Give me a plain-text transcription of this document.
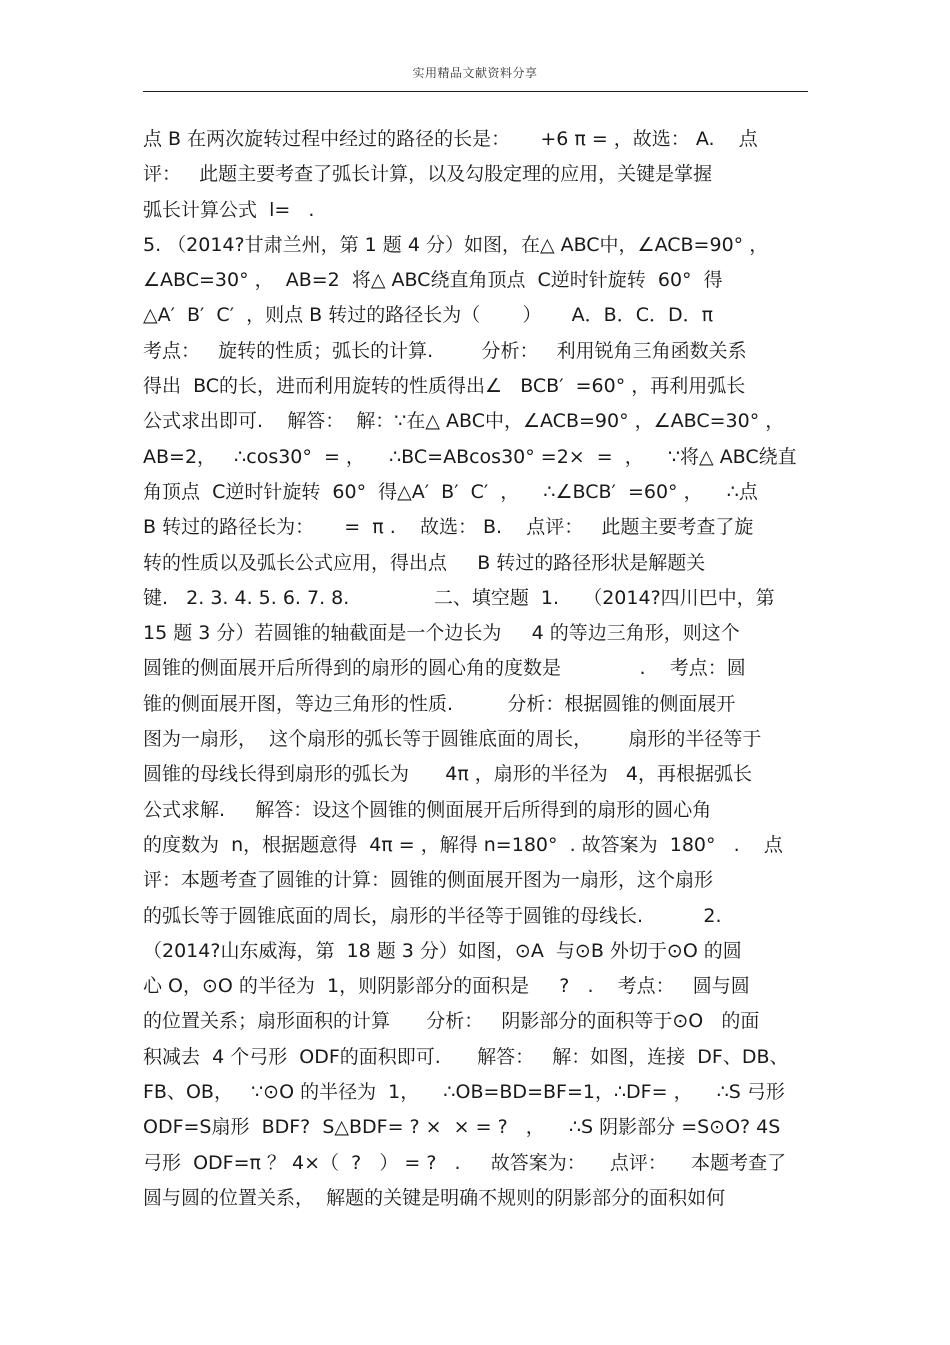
实用精品文献资料分享
点 B 在两次旋转过程中经过的路径的长是：     +6 π = ，故选： A.    点
评：   此题主要考查了弧长计算，以及勾股定理的应用，关键是掌握
弧长计算公式  l=   .
5. （2014?甘肃兰州，第 1 题 4 分）如图，在△ ABC中，∠ACB=90° ，
∠ABC=30° ，  AB=2  将△ ABC绕直角顶点  C逆时针旋转  60°  得
△A′  B′  C′  ，则点 B 转过的路径长为（       ）     A．B．C．D．π
考点：   旋转的性质；弧长的计算.        分析：   利用锐角三角函数关系
得出  BC的长，进而利用旋转的性质得出∠   BCB′  =60° ，再利用弧长
公式求出即可.    解答：  解：∵在△ ABC中，∠ACB=90° ，∠ABC=30° ，
AB=2，   ∴cos30°  = ，    ∴BC=ABcos30° =2×  =  ，    ∵将△ ABC绕直
角顶点  C逆时针旋转  60°  得△A′  B′  C′  ，    ∴∠BCB′  =60° ，    ∴点
B 转过的路径长为：     =  π .    故选： B.    点评：   此题主要考查了旋
转的性质以及弧长公式应用，得出点     B 转过的路径形状是解题关
键.   2. 3. 4. 5. 6. 7. 8.              二、填空题  1.    （2014?四川巴中，第
15 题 3 分）若圆锥的轴截面是一个边长为     4 的等边三角形，则这个
圆锥的侧面展开后所得到的扇形的圆心角的度数是             .    考点：圆
锥的侧面展开图，等边三角形的性质.         分析：根据圆锥的侧面展开
图为一扇形，  这个扇形的弧长等于圆锥底面的周长，      扇形的半径等于
圆锥的母线长得到扇形的弧长为      4π ，扇形的半径为   4，再根据弧长
公式求解.     解答：设这个圆锥的侧面展开后所得到的扇形的圆心角
的度数为  n，根据题意得  4π = ，解得 n=180°  . 故答案为  180°   .    点
评：本题考查了圆锥的计算：圆锥的侧面展开图为一扇形，这个扇形
的弧长等于圆锥底面的周长，扇形的半径等于圆锥的母线长.          2.
（2014?山东威海，第  18 题 3 分）如图，⊙A  与⊙B 外切于⊙O 的圆
心 O，⊙O 的半径为  1，则阴影部分的面积是     ?   .    考点：   圆与圆
的位置关系；扇形面积的计算      分析：   阴影部分的面积等于⊙O   的面
积减去  4 个弓形  ODF的面积即可.      解答：   解：如图，连接  DF、DB、
FB、OB，   ∵⊙O 的半径为  1，    ∴OB=BD=BF=1，∴DF= ，    ∴S 弓形
ODF=S扇形  BDF?  S△BDF= ? ×  × = ?   ，    ∴S 阴影部分 =S⊙O? 4S
弓形  ODF=π ？ 4×（  ?   ） = ?   .     故答案为：    点评：    本题考查了
圆与圆的位置关系，  解题的关键是明确不规则的阴影部分的面积如何
